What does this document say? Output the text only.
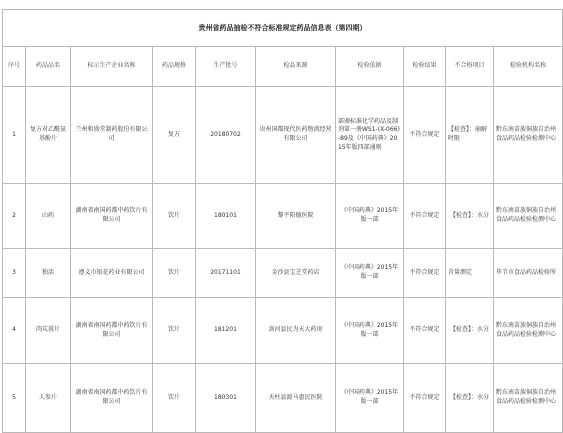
贵州省药品抽检不符合标准规定药品信息表（第四期）									
序号	药品品名	标示生产企业名称	药品规格	生产批号	检品来源	检验依据	检验结果	不合格项目	检验机构名称
1	复方对乙酰氨基酚片	兰州和盛堂制药股份有限公司	复方	20180702	贵州国都现代医药物流经营有限公司	部颁标准化学药品及制剂第一册WS1-(X-066)-89及《中国药典》2015年版四部通则	不符合规定	【检查】：崩解时限	黔东南苗族侗族自治州食品药品检验检测中心
2	山药	湖南省南国药都中药饮片有限公司	饮片	180101	黎平阳德医院	《中国药典》2015年版一部	不符合规定	【检查】：水分	黔东南苗族侗族自治州食品药品检验检测中心
3	独活	遵义市银花药业有限公司	饮片	20171101	金沙县宝芝堂药店	《中国药典》2015年版一部	不符合规定	含量测定	毕节市食品药品检验所
4	肉苁蓉片	湖南省南国药都中药饮片有限公司	饮片	181201	剑河县民为天大药房	《中国药典》2015年版一部	不符合规定	【检查】：水分	黔东南苗族侗族自治州食品药品检验检测中心
5	人参片	湖南省南国药都中药饮片有限公司	饮片	180301	天柱县渡马惠民医院	《中国药典》2015年版一部	不符合规定	【检查】：水分	黔东南苗族侗族自治州食品药品检验检测中心
